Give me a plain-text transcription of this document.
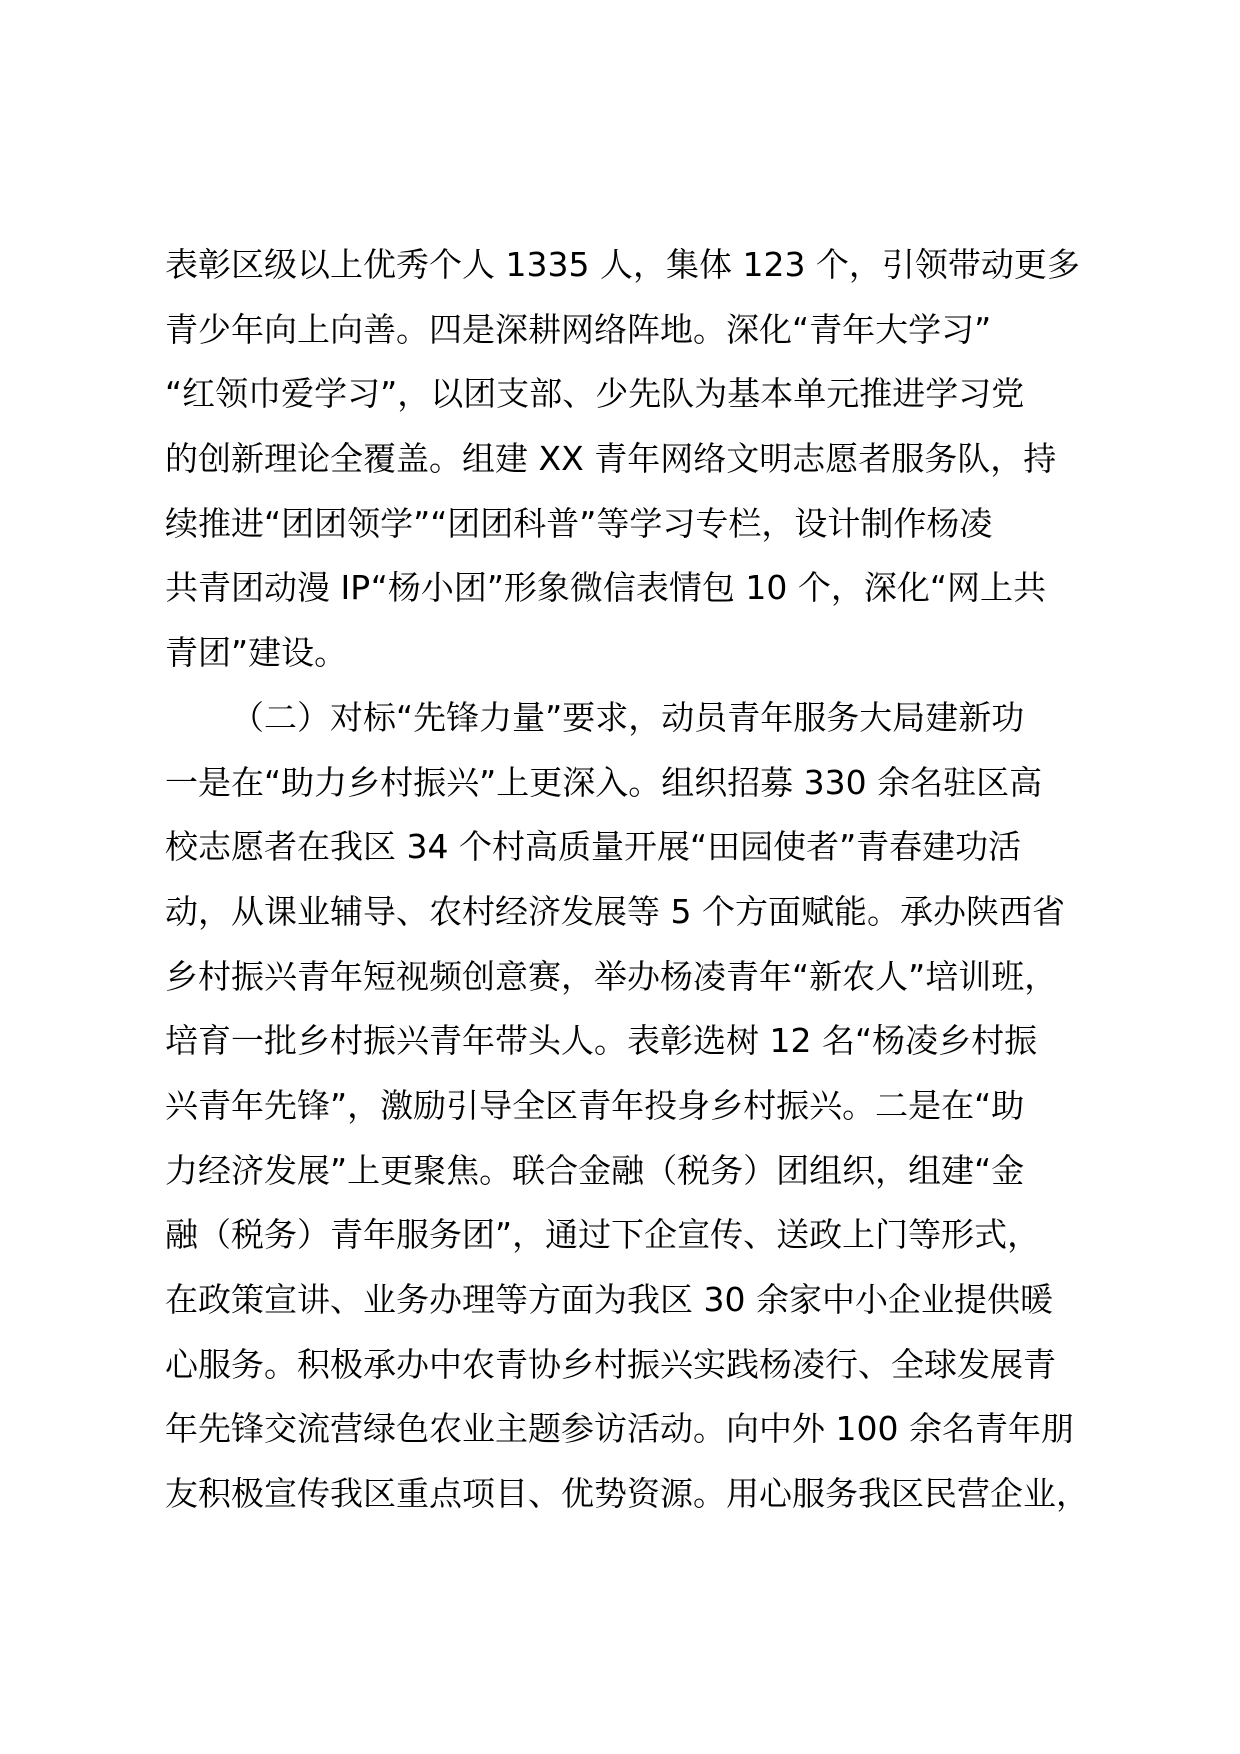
表彰区级以上优秀个人 1335 人，集体 123 个，引领带动更多
青少年向上向善。四是深耕网络阵地。深化“青年大学习”
“红领巾爱学习”，以团支部、少先队为基本单元推进学习党
的创新理论全覆盖。组建 XX 青年网络文明志愿者服务队，持
续推进“团团领学”“团团科普”等学习专栏，设计制作杨凌
共青团动漫 IP“杨小团”形象微信表情包 10 个，深化“网上共
青团”建设。
（二）对标“先锋力量”要求，动员青年服务大局建新功
一是在“助力乡村振兴”上更深入。组织招募 330 余名驻区高
校志愿者在我区 34 个村高质量开展“田园使者”青春建功活
动，从课业辅导、农村经济发展等 5 个方面赋能。承办陕西省
乡村振兴青年短视频创意赛，举办杨凌青年“新农人”培训班，
培育一批乡村振兴青年带头人。表彰选树 12 名“杨凌乡村振
兴青年先锋”，激励引导全区青年投身乡村振兴。二是在“助
力经济发展”上更聚焦。联合金融（税务）团组织，组建“金
融（税务）青年服务团”，通过下企宣传、送政上门等形式，
在政策宣讲、业务办理等方面为我区 30 余家中小企业提供暖
心服务。积极承办中农青协乡村振兴实践杨凌行、全球发展青
年先锋交流营绿色农业主题参访活动。向中外 100 余名青年朋
友积极宣传我区重点项目、优势资源。用心服务我区民营企业，
